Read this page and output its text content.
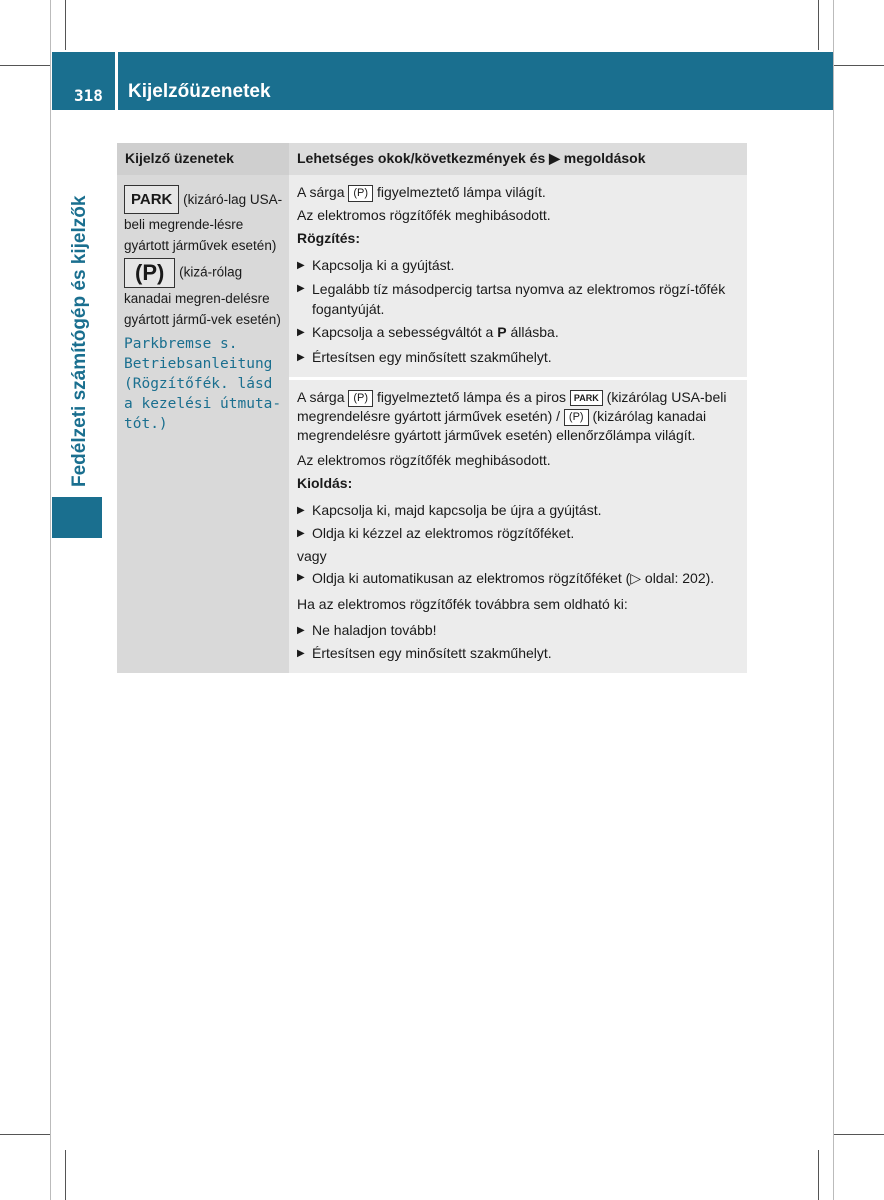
318 Kijelzőüzenetek
Fedélzeti számítógép és kijelzők
Kijelző üzenetek	Lehetséges okok/következmények és ▶ megoldások
PARK (kizáró-lag USA-beli megrende-lésre gyártott járművek esetén)
(P) (kizá-rólag kanadai megren-delésre gyártott jármű-vek esetén)
Parkbremse s. Betriebsanleitung (Rögzítőfék. lásd a kezelési útmuta-tót.)
A sárga (P) figyelmeztető lámpa világít.
Az elektromos rögzítőfék meghibásodott.
Rögzítés:
▶ Kapcsolja ki a gyújtást.
▶ Legalább tíz másodpercig tartsa nyomva az elektromos rögzí-tőfék fogantyúját.
▶ Kapcsolja a sebességváltót a P állásba.
▶ Értesítsen egy minősített szakműhelyt.
A sárga (P) figyelmeztető lámpa és a piros PARK (kizárólag USA-beli megrendelésre gyártott járművek esetén) / (P) (kizárólag kanadai megrendelésre gyártott járművek esetén) ellenőrzőlámpa világít.
Az elektromos rögzítőfék meghibásodott.
Kioldás:
▶ Kapcsolja ki, majd kapcsolja be újra a gyújtást.
▶ Oldja ki kézzel az elektromos rögzítőféket.
vagy
▶ Oldja ki automatikusan az elektromos rögzítőféket (▷ oldal: 202).
Ha az elektromos rögzítőfék továbbra sem oldható ki:
▶ Ne haladjon tovább!
▶ Értesítsen egy minősített szakműhelyt.
